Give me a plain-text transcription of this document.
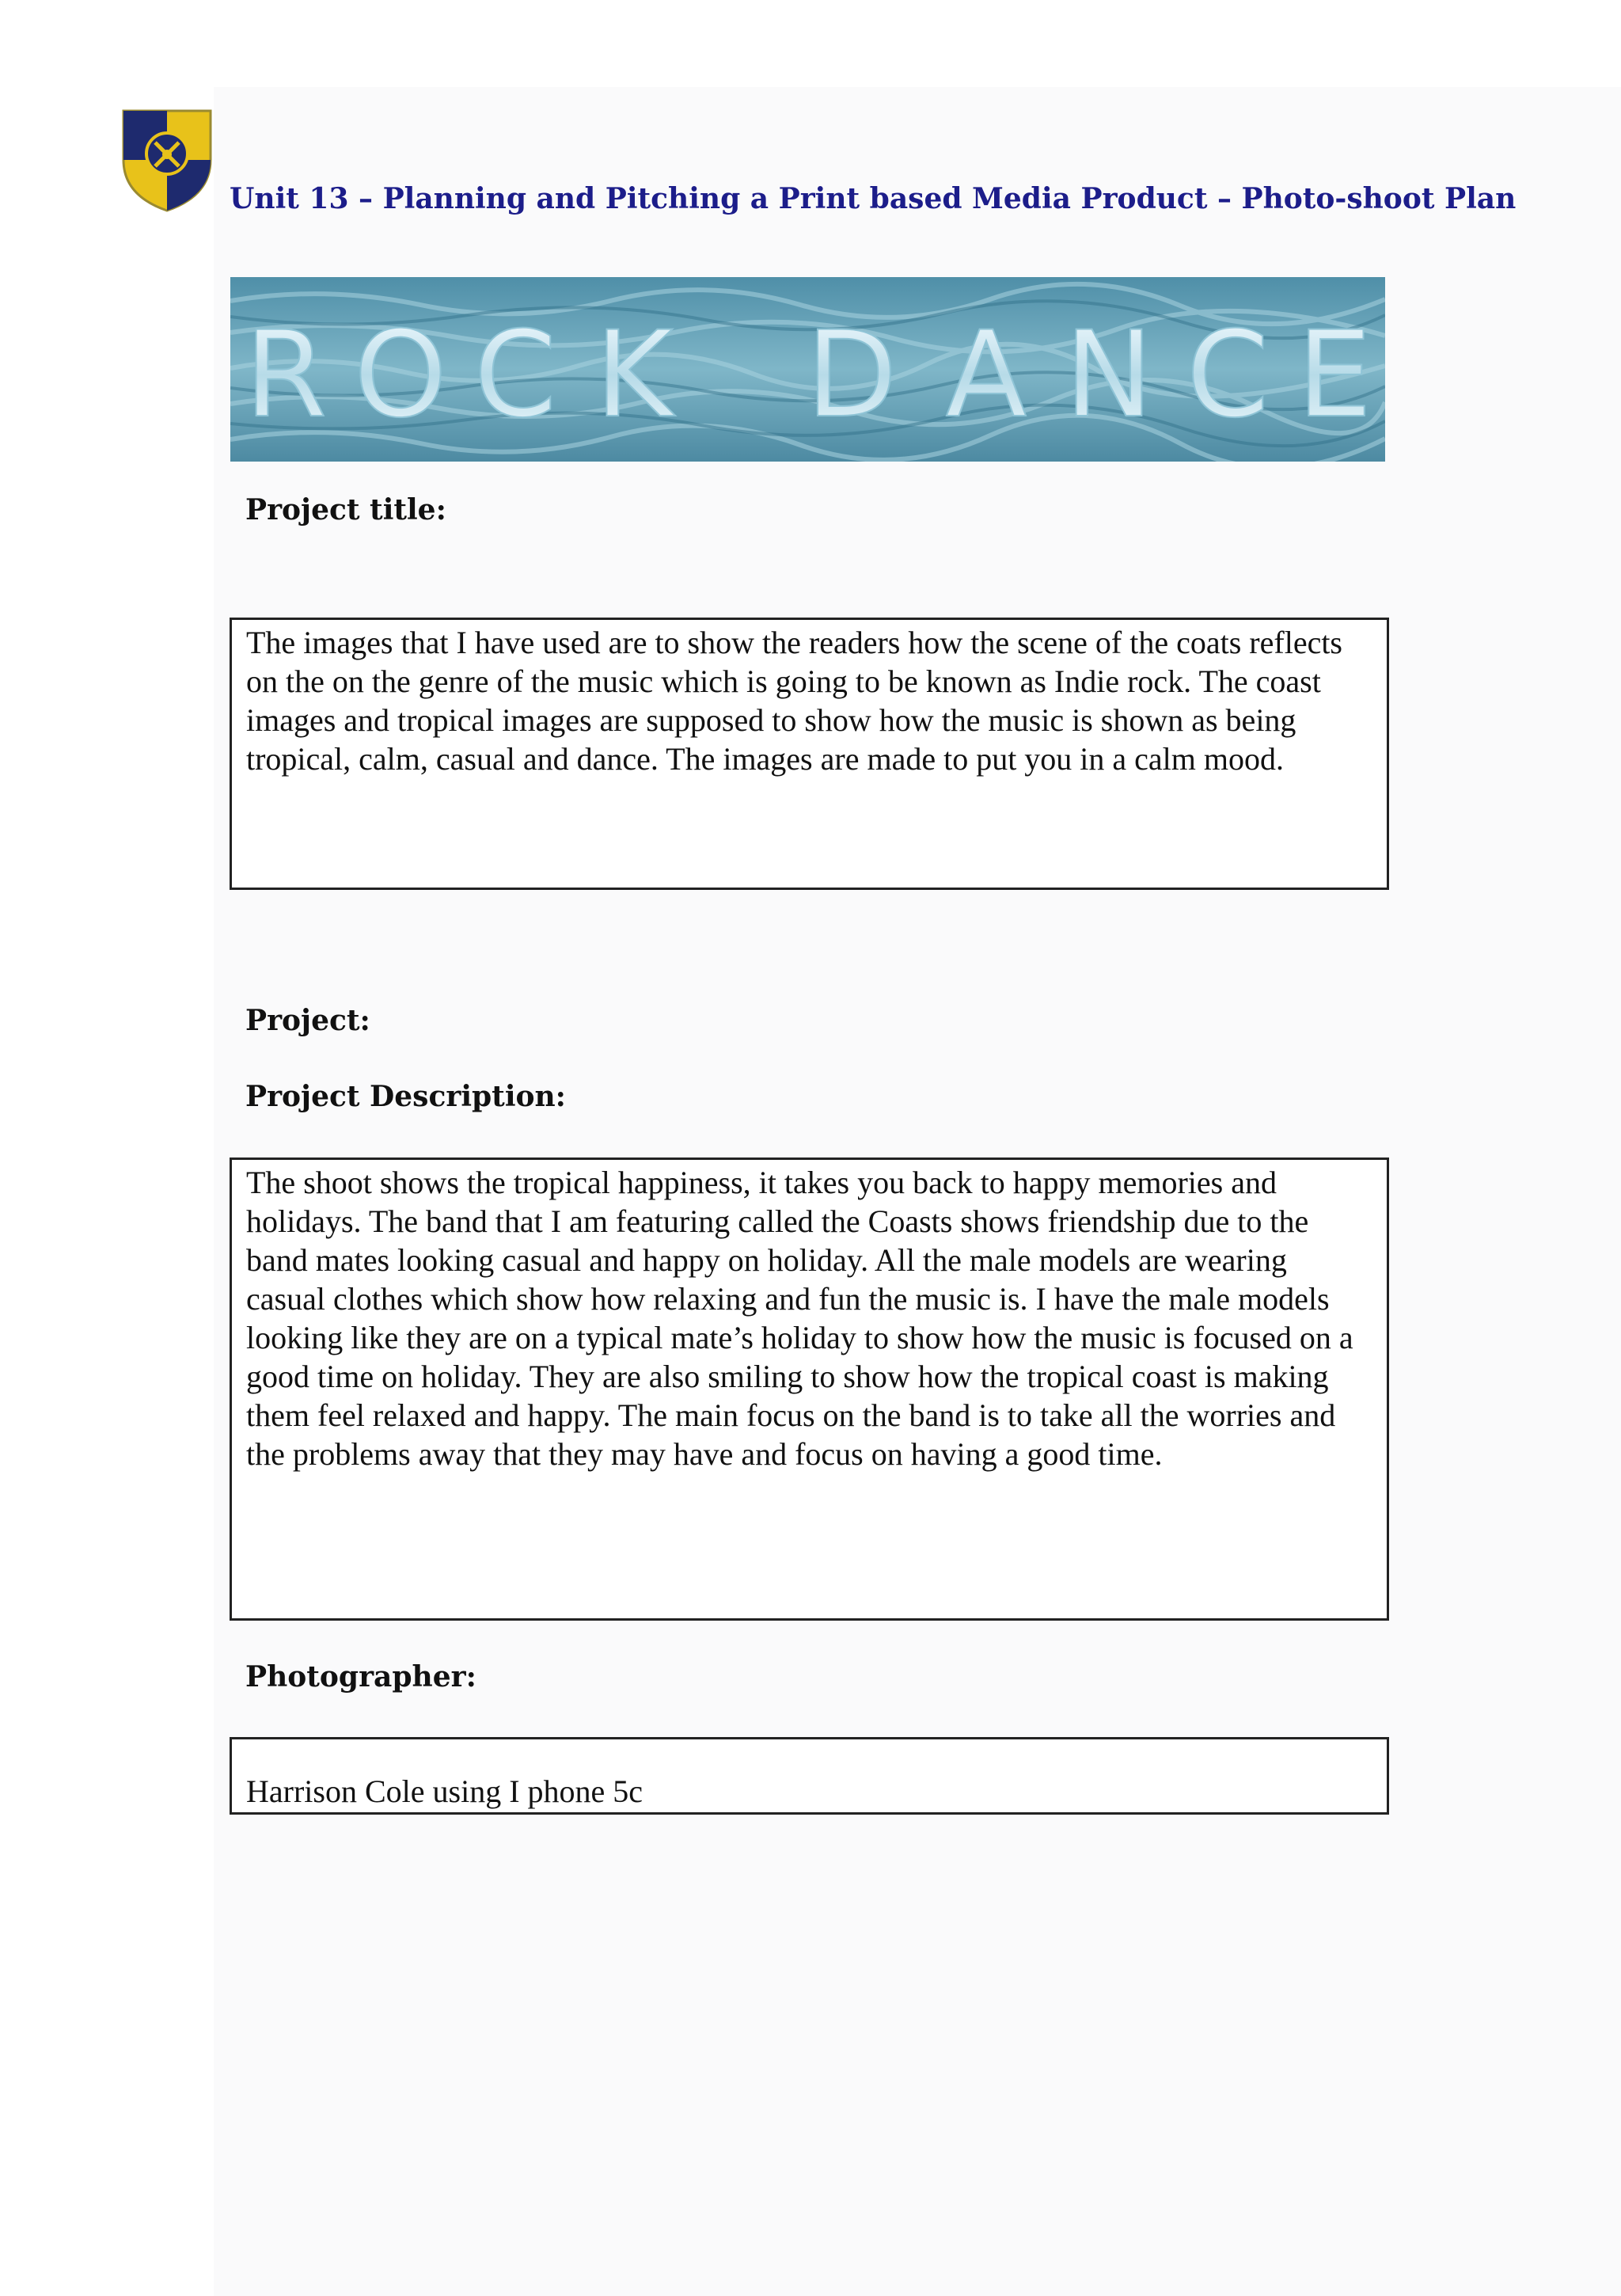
Unit 13 – Planning and Pitching a Print based Media Product – Photo-shoot Plan
R O C K D A N C E
Project title:

The images that I have used are to show the readers how the scene of the coats reflects on the on the genre of the music which is going to be known as Indie rock. The coast images and tropical images are supposed to show how the music is shown as being tropical, calm, casual and dance. The images are made to put you in a calm mood.

Project:
Project Description:

The shoot shows the tropical happiness, it takes you back to happy memories and holidays. The band that I am featuring called the Coasts shows friendship due to the band mates looking casual and happy on holiday. All the male models are wearing casual clothes which show how relaxing and fun the music is. I have the male models looking like they are on a typical mate’s holiday to show how the music is focused on a good time on holiday. They are also smiling to show how the tropical coast is making them feel relaxed and happy. The main focus on the band is to take all the worries and the problems away that they may have and focus on having a good time.

Photographer:

Harrison Cole using I phone 5c
